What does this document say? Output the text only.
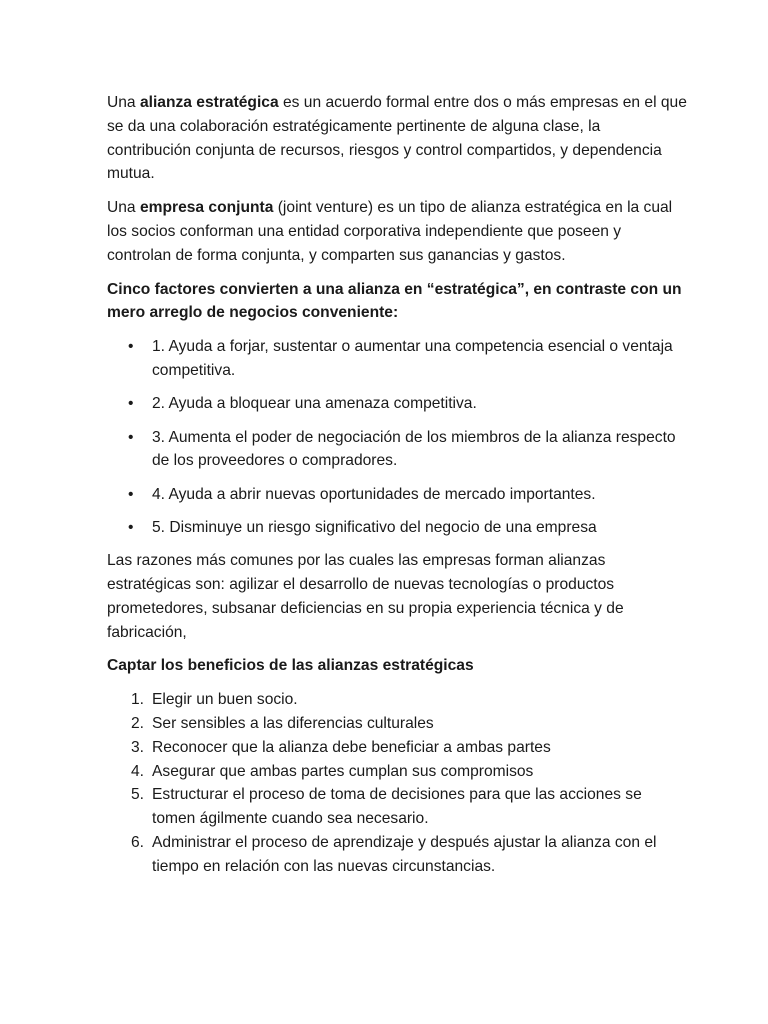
Una alianza estratégica es un acuerdo formal entre dos o más empresas en el que se da una colaboración estratégicamente pertinente de alguna clase, la contribución conjunta de recursos, riesgos y control compartidos, y dependencia mutua.

Una empresa conjunta (joint venture) es un tipo de alianza estratégica en la cual los socios conforman una entidad corporativa independiente que poseen y controlan de forma conjunta, y comparten sus ganancias y gastos.

Cinco factores convierten a una alianza en “estratégica”, en contraste con un mero arreglo de negocios conveniente:

• 1. Ayuda a forjar, sustentar o aumentar una competencia esencial o ventaja competitiva.
• 2. Ayuda a bloquear una amenaza competitiva.
• 3. Aumenta el poder de negociación de los miembros de la alianza respecto de los proveedores o compradores.
• 4. Ayuda a abrir nuevas oportunidades de mercado importantes.
• 5. Disminuye un riesgo significativo del negocio de una empresa

Las razones más comunes por las cuales las empresas forman alianzas estratégicas son: agilizar el desarrollo de nuevas tecnologías o productos prometedores, subsanar deficiencias en su propia experiencia técnica y de fabricación,

Captar los beneficios de las alianzas estratégicas

1. Elegir un buen socio.
2. Ser sensibles a las diferencias culturales
3. Reconocer que la alianza debe beneficiar a ambas partes
4. Asegurar que ambas partes cumplan sus compromisos
5. Estructurar el proceso de toma de decisiones para que las acciones se tomen ágilmente cuando sea necesario.
6. Administrar el proceso de aprendizaje y después ajustar la alianza con el tiempo en relación con las nuevas circunstancias.
